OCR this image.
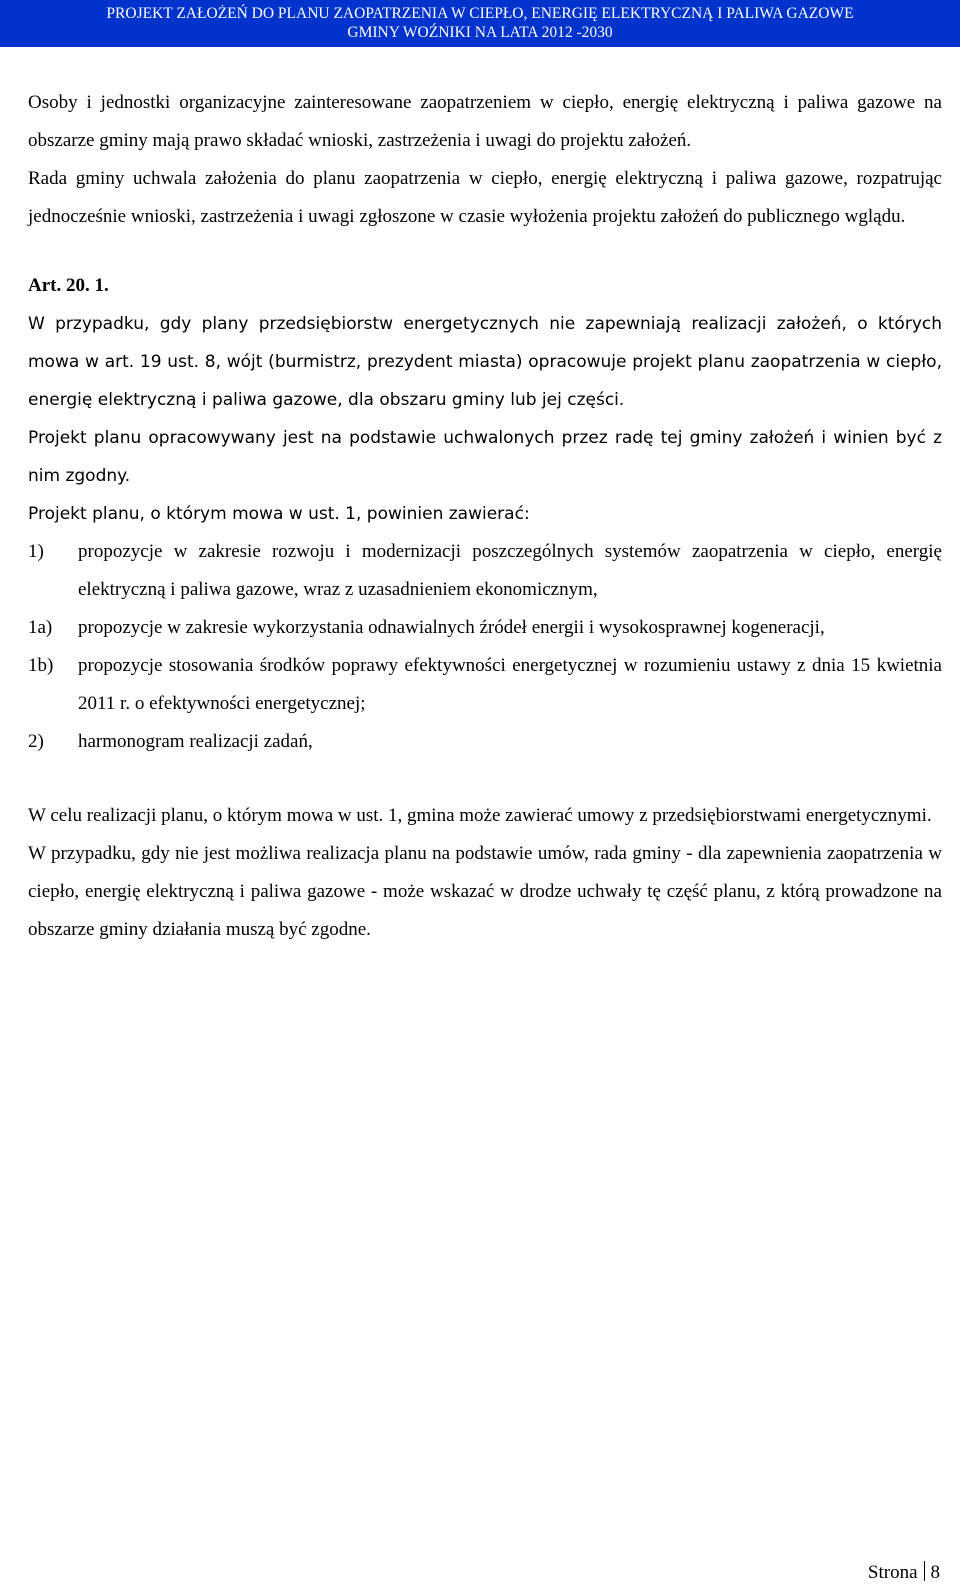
PROJEKT ZAŁOŻEŃ DO PLANU ZAOPATRZENIA W CIEPŁO, ENERGIĘ ELEKTRYCZNĄ I PALIWA GAZOWE
GMINY WOŹNIKI NA LATA 2012 -2030

Osoby i jednostki organizacyjne zainteresowane zaopatrzeniem w ciepło, energię elektryczną i paliwa gazowe na obszarze gminy mają prawo składać wnioski, zastrzeżenia i uwagi do projektu założeń.

Rada gminy uchwala założenia do planu zaopatrzenia w ciepło, energię elektryczną i paliwa gazowe, rozpatrując jednocześnie wnioski, zastrzeżenia i uwagi zgłoszone w czasie wyłożenia projektu założeń do publicznego wglądu.

Art. 20. 1.

W przypadku, gdy plany przedsiębiorstw energetycznych nie zapewniają realizacji założeń, o których mowa w art. 19 ust. 8, wójt (burmistrz, prezydent miasta) opracowuje projekt planu zaopatrzenia w ciepło, energię elektryczną i paliwa gazowe, dla obszaru gminy lub jej części.

Projekt planu opracowywany jest na podstawie uchwalonych przez radę tej gminy założeń i winien być z nim zgodny.

Projekt planu, o którym mowa w ust. 1, powinien zawierać:

1)	propozycje w zakresie rozwoju i modernizacji poszczególnych systemów zaopatrzenia w ciepło, energię elektryczną i paliwa gazowe, wraz z uzasadnieniem ekonomicznym,
1a)	propozycje w zakresie wykorzystania odnawialnych źródeł energii i wysokosprawnej kogeneracji,
1b)	propozycje stosowania środków poprawy efektywności energetycznej w rozumieniu ustawy z dnia 15 kwietnia 2011 r. o efektywności energetycznej;
2)	harmonogram realizacji zadań,

W celu realizacji planu, o którym mowa w ust. 1, gmina może zawierać umowy z przedsiębiorstwami energetycznymi.

W przypadku, gdy nie jest możliwa realizacja planu na podstawie umów, rada gminy - dla zapewnienia zaopatrzenia w ciepło, energię elektryczną i paliwa gazowe - może wskazać w drodze uchwały tę część planu, z którą prowadzone na obszarze gminy działania muszą być zgodne.

Strona 8
